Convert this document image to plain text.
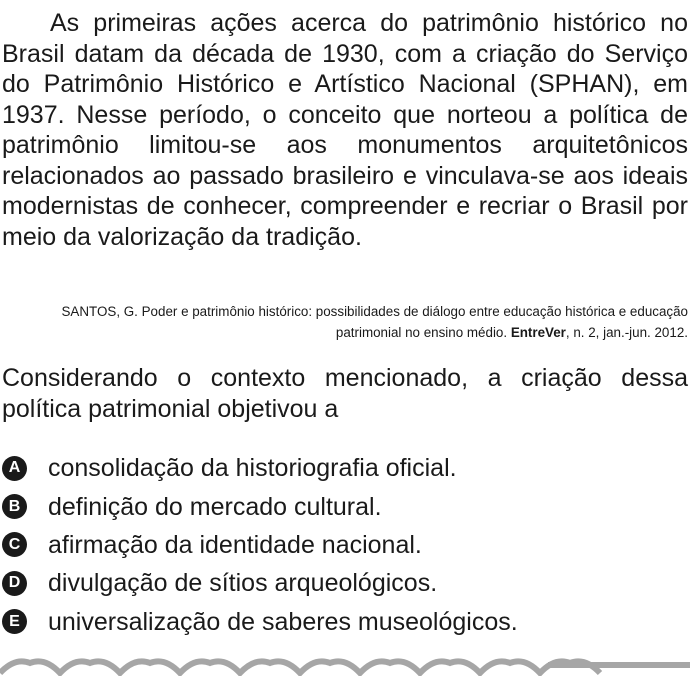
As primeiras ações acerca do patrimônio histórico no Brasil datam da década de 1930, com a criação do Serviço do Patrimônio Histórico e Artístico Nacional (SPHAN), em 1937. Nesse período, o conceito que norteou a política de patrimônio limitou-se aos monumentos arquitetônicos relacionados ao passado brasileiro e vinculava-se aos ideais modernistas de conhecer, compreender e recriar o Brasil por meio da valorização da tradição.

SANTOS, G. Poder e patrimônio histórico: possibilidades de diálogo entre educação histórica e educação patrimonial no ensino médio. EntreVer, n. 2, jan.-jun. 2012.

Considerando o contexto mencionado, a criação dessa política patrimonial objetivou a

A consolidação da historiografia oficial.
B definição do mercado cultural.
C afirmação da identidade nacional.
D divulgação de sítios arqueológicos.
E universalização de saberes museológicos.
